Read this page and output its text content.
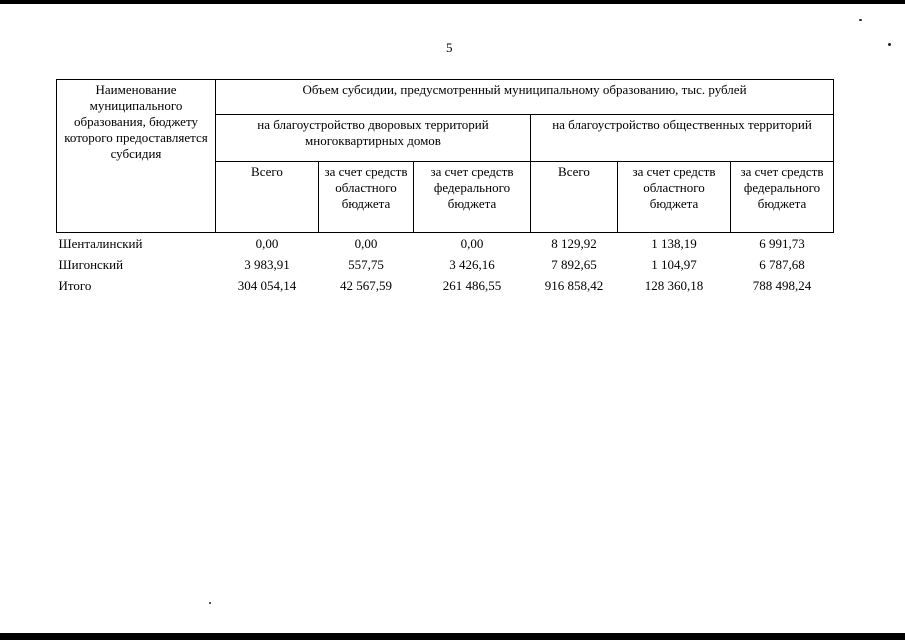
5
Наименование муниципального образования, бюджету которого предоставляется субсидия	Объем субсидии, предусмотренный муниципальному образованию, тыс. рублей					
	на благоустройство дворовых территорий многоквартирных домов			на благоустройство общественных территорий		
	Всего	за счет средств областного бюджета	за счет средств федерального бюджета	Всего	за счет средств областного бюджета	за счет средств федерального бюджета
Шенталинский	0,00	0,00	0,00	8 129,92	1 138,19	6 991,73
Шигонский	3 983,91	557,75	3 426,16	7 892,65	1 104,97	6 787,68
Итого	304 054,14	42 567,59	261 486,55	916 858,42	128 360,18	788 498,24
